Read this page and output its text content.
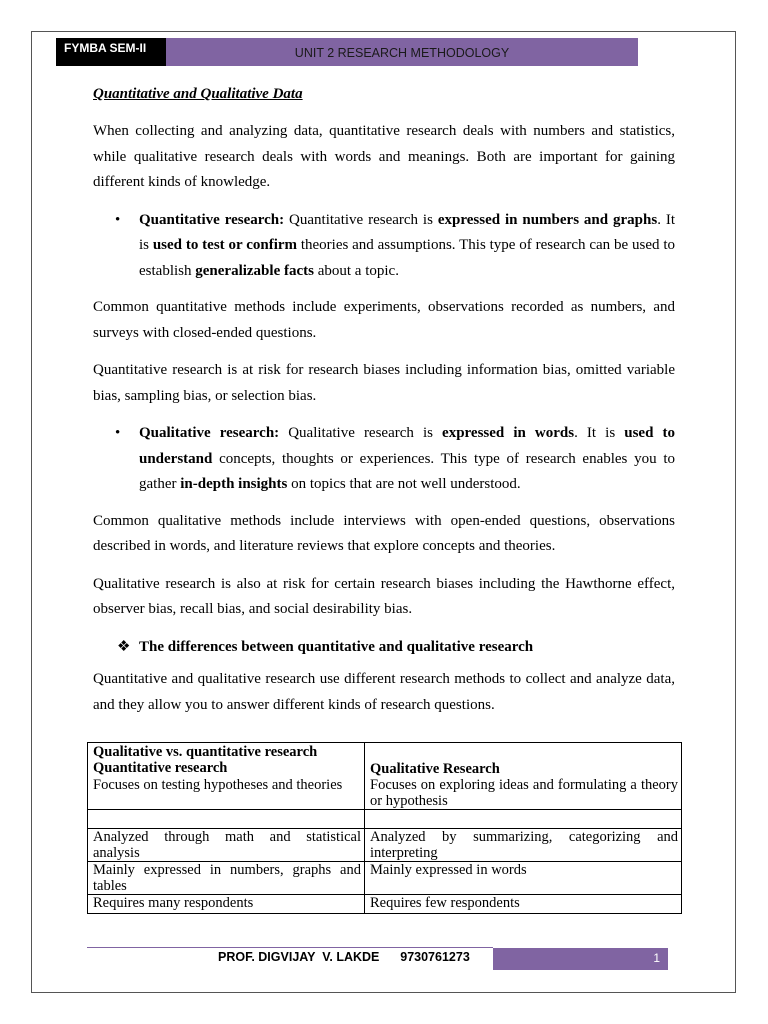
FYMBA SEM-II	UNIT 2 RESEARCH METHODOLOGY
Quantitative and Qualitative Data

When collecting and analyzing data, quantitative research deals with numbers and statistics, while qualitative research deals with words and meanings. Both are important for gaining different kinds of knowledge.

• Quantitative research: Quantitative research is expressed in numbers and graphs. It is used to test or confirm theories and assumptions. This type of research can be used to establish generalizable facts about a topic.

Common quantitative methods include experiments, observations recorded as numbers, and surveys with closed-ended questions.

Quantitative research is at risk for research biases including information bias, omitted variable bias, sampling bias, or selection bias.

• Qualitative research: Qualitative research is expressed in words. It is used to understand concepts, thoughts or experiences. This type of research enables you to gather in-depth insights on topics that are not well understood.

Common qualitative methods include interviews with open-ended questions, observations described in words, and literature reviews that explore concepts and theories.

Qualitative research is also at risk for certain research biases including the Hawthorne effect, observer bias, recall bias, and social desirability bias.

❖ The differences between quantitative and qualitative research

Quantitative and qualitative research use different research methods to collect and analyze data, and they allow you to answer different kinds of research questions.

Qualitative vs. quantitative research
Quantitative research	Qualitative Research
Focuses on testing hypotheses and theories	Focuses on exploring ideas and formulating a theory or hypothesis

Analyzed through math and statistical analysis	Analyzed by summarizing, categorizing and interpreting
Mainly expressed in numbers, graphs and tables	Mainly expressed in words
Requires many respondents	Requires few respondents
PROF. DIGVIJAY  V. LAKDE 9730761273	1
